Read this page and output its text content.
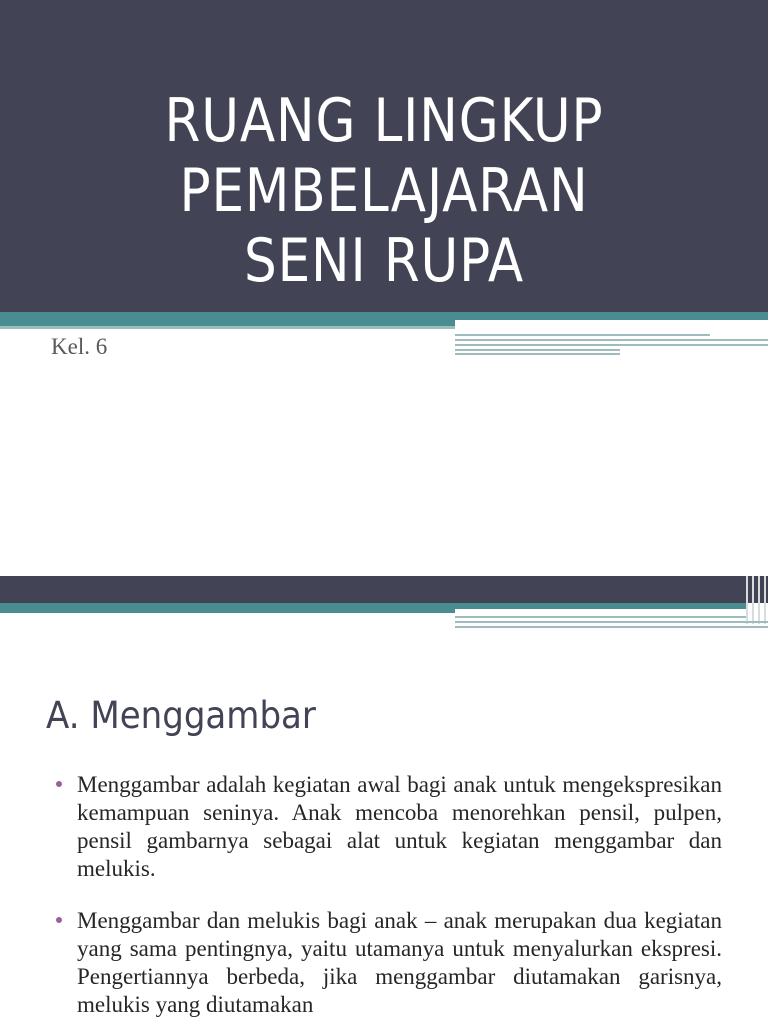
RUANG LINGKUP
PEMBELAJARAN
SENI RUPA
Kel. 6
A. Menggambar
Menggambar adalah kegiatan awal bagi anak untuk mengekspresikan kemampuan seninya. Anak mencoba menorehkan pensil, pulpen, pensil gambarnya sebagai alat untuk kegiatan menggambar dan melukis.
Menggambar dan melukis bagi anak – anak merupakan dua kegiatan yang sama pentingnya, yaitu utamanya untuk menyalurkan ekspresi. Pengertiannya berbeda, jika menggambar diutamakan garisnya, melukis yang diutamakan
